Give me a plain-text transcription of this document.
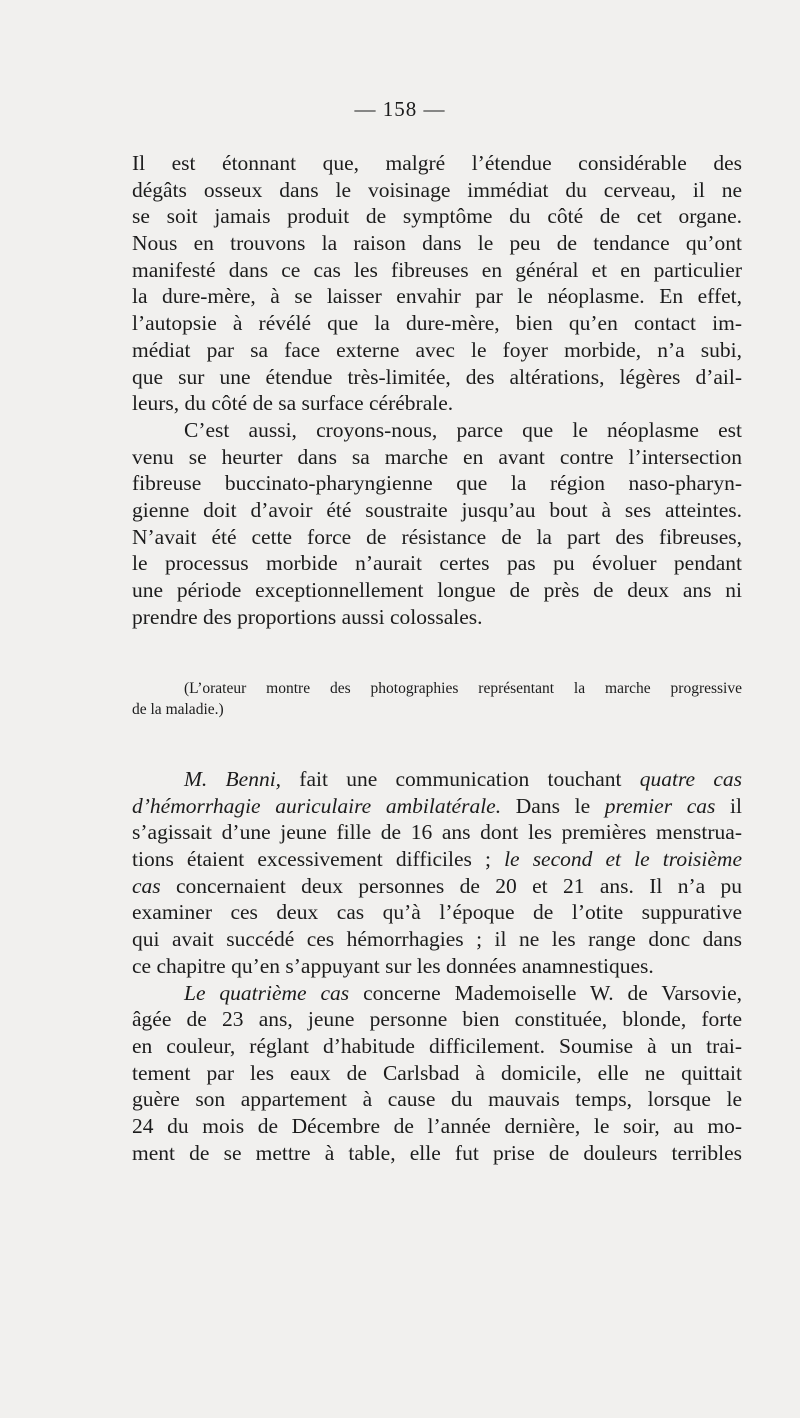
— 158 —
Il est étonnant que, malgré l’étendue considérable des
dégâts osseux dans le voisinage immédiat du cerveau, il ne
se soit jamais produit de symptôme du côté de cet organe.
Nous en trouvons la raison dans le peu de tendance qu’ont
manifesté dans ce cas les fibreuses en général et en particulier
la dure-mère, à se laisser envahir par le néoplasme. En effet,
l’autopsie à révélé que la dure-mère, bien qu’en contact im-
médiat par sa face externe avec le foyer morbide, n’a subi,
que sur une étendue très-limitée, des altérations, légères d’ail-
leurs, du côté de sa surface cérébrale.
C’est aussi, croyons-nous, parce que le néoplasme est
venu se heurter dans sa marche en avant contre l’intersection
fibreuse buccinato-pharyngienne que la région naso-pharyn-
gienne doit d’avoir été soustraite jusqu’au bout à ses atteintes.
N’avait été cette force de résistance de la part des fibreuses,
le processus morbide n’aurait certes pas pu évoluer pendant
une période exceptionnellement longue de près de deux ans ni
prendre des proportions aussi colossales.
(L’orateur montre des photographies représentant la marche progressive
de la maladie.)
M. Benni, fait une communication touchant quatre cas
d’hémorrhagie auriculaire ambilatérale. Dans le premier cas il
s’agissait d’une jeune fille de 16 ans dont les premières menstrua-
tions étaient excessivement difficiles ; le second et le troisième
cas concernaient deux personnes de 20 et 21 ans. Il n’a pu
examiner ces deux cas qu’à l’époque de l’otite suppurative
qui avait succédé ces hémorrhagies ; il ne les range donc dans
ce chapitre qu’en s’appuyant sur les données anamnestiques.
Le quatrième cas concerne Mademoiselle W. de Varsovie,
âgée de 23 ans, jeune personne bien constituée, blonde, forte
en couleur, réglant d’habitude difficilement. Soumise à un trai-
tement par les eaux de Carlsbad à domicile, elle ne quittait
guère son appartement à cause du mauvais temps, lorsque le
24 du mois de Décembre de l’année dernière, le soir, au mo-
ment de se mettre à table, elle fut prise de douleurs terribles
